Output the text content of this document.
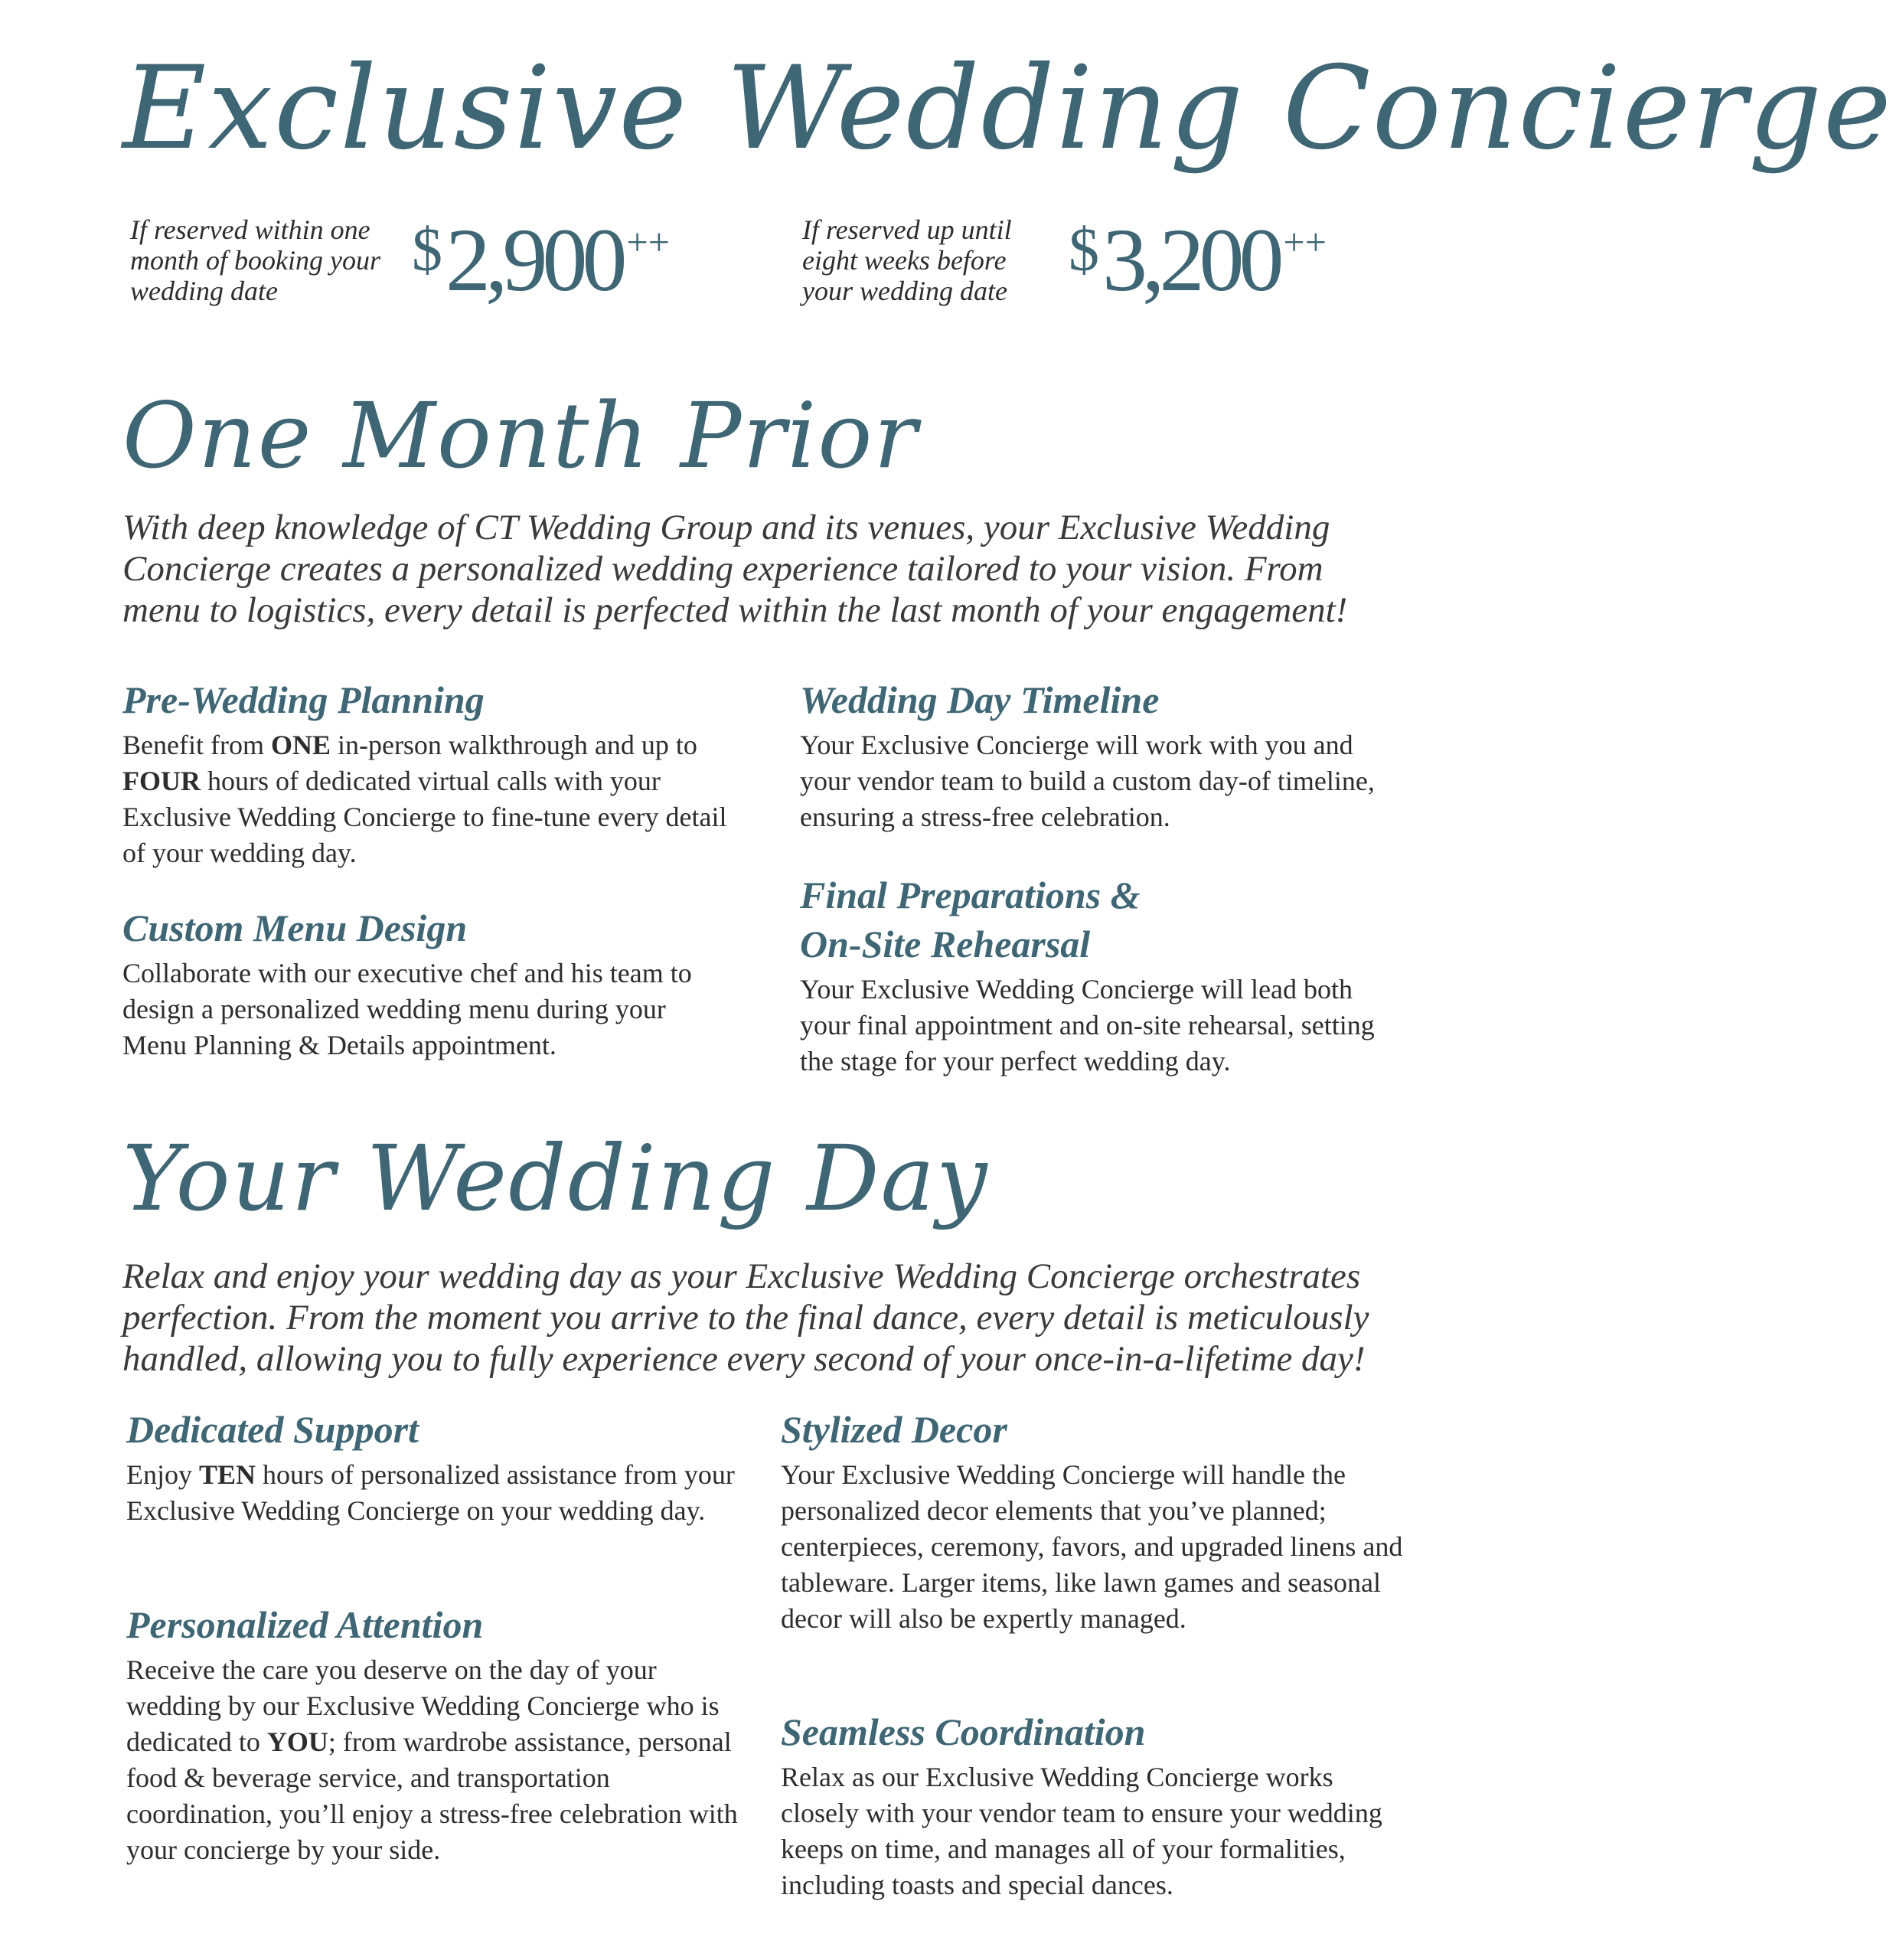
Exclusive Wedding Concierge
If reserved within one month of booking your wedding date
$2,900 ++	If reserved up until eight weeks before your wedding date
$3,200 ++
One Month Prior

With deep knowledge of CT Wedding Group and its venues, your Exclusive Wedding Concierge creates a personalized wedding experience tailored to your vision. From menu to logistics, every detail is perfected within the last month of your engagement!

Pre-Wedding Planning

Benefit from ONE in-person walkthrough and up to FOUR hours of dedicated virtual calls with your Exclusive Wedding Concierge to fine-tune every detail of your wedding day.

Custom Menu Design

Collaborate with our executive chef and his team to design a personalized wedding menu during your Menu Planning & Details appointment.

Wedding Day Timeline

Your Exclusive Concierge will work with you and your vendor team to build a custom day-of timeline, ensuring a stress-free celebration.

Final Preparations &
On-Site Rehearsal

Your Exclusive Wedding Concierge will lead both your final appointment and on-site rehearsal, setting the stage for your perfect wedding day.

Your Wedding Day

Relax and enjoy your wedding day as your Exclusive Wedding Concierge orchestrates perfection. From the moment you arrive to the final dance, every detail is meticulously handled, allowing you to fully experience every second of your once-in-a-lifetime day!

Dedicated Support

Enjoy TEN hours of personalized assistance from your Exclusive Wedding Concierge on your wedding day.

Personalized Attention

Receive the care you deserve on the day of your wedding by our Exclusive Wedding Concierge who is dedicated to YOU; from wardrobe assistance, personal food & beverage service, and transportation coordination, you’ll enjoy a stress-free celebration with your concierge by your side.

Stylized Decor

Your Exclusive Wedding Concierge will handle the personalized decor elements that you’ve planned; centerpieces, ceremony, favors, and upgraded linens and tableware. Larger items, like lawn games and seasonal decor will also be expertly managed.

Seamless Coordination

Relax as our Exclusive Wedding Concierge works closely with your vendor team to ensure your wedding keeps on time, and manages all of your formalities, including toasts and special dances.
